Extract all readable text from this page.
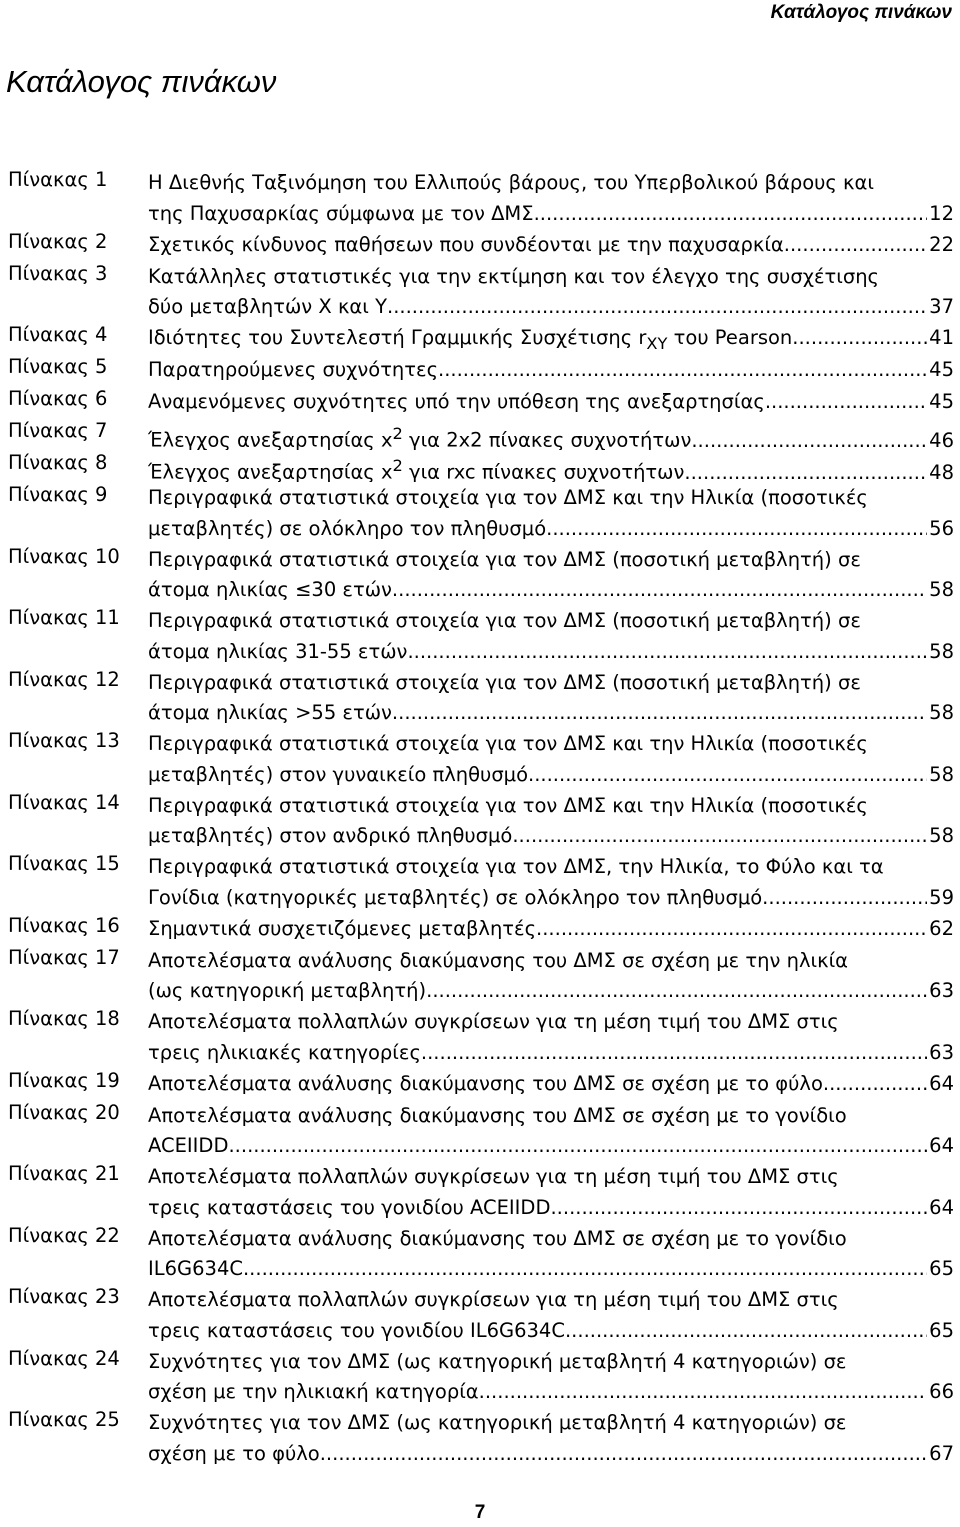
Κατάλογος πινάκων
Κατάλογος πινάκων
Πίνακας 1 Η Διεθνής Ταξινόμηση του Ελλιπούς βάρους, του Υπερβολικού βάρους και
της Παχυσαρκίας σύμφωνα με τον ΔΜΣ .....	12
Πίνακας 2 Σχετικός κίνδυνος παθήσεων που συνδέονται με την παχυσαρκία .....	22
Πίνακας 3 Κατάλληλες στατιστικές για την εκτίμηση και τον έλεγχο της συσχέτισης
δύο μεταβλητών X και Y .....	37
Πίνακας 4 Ιδιότητες του Συντελεστή Γραμμικής Συσχέτισης $r_{XY}$ του Pearson .....	41
Πίνακας 5 Παρατηρούμενες συχνότητες .....	45
Πίνακας 6 Αναμενόμενες συχνότητες υπό την υπόθεση της ανεξαρτησίας .....	45
Πίνακας 7 Έλεγχος ανεξαρτησίας $x^2$ για 2x2 πίνακες συχνοτήτων .....	46
Πίνακας 8 Έλεγχος ανεξαρτησίας $x^2$ για rxc πίνακες συχνοτήτων .....	48
Πίνακας 9 Περιγραφικά στατιστικά στοιχεία για τον ΔΜΣ και την Ηλικία (ποσοτικές
μεταβλητές) σε ολόκληρο τον πληθυσμό .....	56
Πίνακας 10 Περιγραφικά στατιστικά στοιχεία για τον ΔΜΣ (ποσοτική μεταβλητή) σε
άτομα ηλικίας ≤30 ετών .....	58
Πίνακας 11 Περιγραφικά στατιστικά στοιχεία για τον ΔΜΣ (ποσοτική μεταβλητή) σε
άτομα ηλικίας 31-55 ετών .....	58
Πίνακας 12 Περιγραφικά στατιστικά στοιχεία για τον ΔΜΣ (ποσοτική μεταβλητή) σε
άτομα ηλικίας >55 ετών .....	58
Πίνακας 13 Περιγραφικά στατιστικά στοιχεία για τον ΔΜΣ και την Ηλικία (ποσοτικές
μεταβλητές) στον γυναικείο πληθυσμό .....	58
Πίνακας 14 Περιγραφικά στατιστικά στοιχεία για τον ΔΜΣ και την Ηλικία (ποσοτικές
μεταβλητές) στον ανδρικό πληθυσμό .....	58
Πίνακας 15 Περιγραφικά στατιστικά στοιχεία για τον ΔΜΣ, την Ηλικία, το Φύλο και τα
Γονίδια (κατηγορικές μεταβλητές) σε ολόκληρο τον πληθυσμό .....	59
Πίνακας 16 Σημαντικά συσχετιζόμενες μεταβλητές .....	62
Πίνακας 17 Αποτελέσματα ανάλυσης διακύμανσης του ΔΜΣ σε σχέση με την ηλικία
(ως κατηγορική μεταβλητή) .....	63
Πίνακας 18 Αποτελέσματα πολλαπλών συγκρίσεων για τη μέση τιμή του ΔΜΣ στις
τρεις ηλικιακές κατηγορίες. .....	63
Πίνακας 19 Αποτελέσματα ανάλυσης διακύμανσης του ΔΜΣ σε σχέση με το φύλο .....	64
Πίνακας 20 Αποτελέσματα ανάλυσης διακύμανσης του ΔΜΣ σε σχέση με το γονίδιο
ACEIIDD .....	64
Πίνακας 21 Αποτελέσματα πολλαπλών συγκρίσεων για τη μέση τιμή του ΔΜΣ στις
τρεις καταστάσεις του γονιδίου ACEIIDD .....	64
Πίνακας 22 Αποτελέσματα ανάλυσης διακύμανσης του ΔΜΣ σε σχέση με το γονίδιο
IL6G634C .....	65
Πίνακας 23 Αποτελέσματα πολλαπλών συγκρίσεων για τη μέση τιμή του ΔΜΣ στις
τρεις καταστάσεις του γονιδίου IL6G634C .....	65
Πίνακας 24 Συχνότητες για τον ΔΜΣ (ως κατηγορική μεταβλητή 4 κατηγοριών) σε
σχέση με την ηλικιακή κατηγορία .....	66
Πίνακας 25 Συχνότητες για τον ΔΜΣ (ως κατηγορική μεταβλητή 4 κατηγοριών) σε
σχέση με το φύλο .....	67
7
